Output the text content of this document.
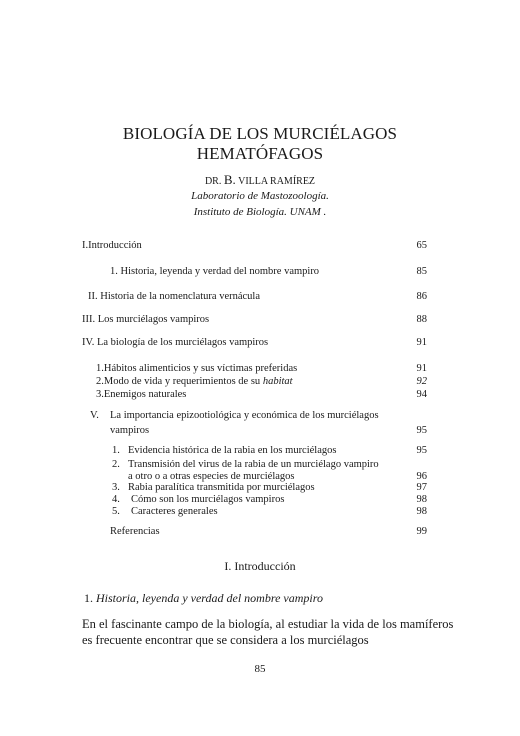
BIOLOGÍA DE LOS MURCIÉLAGOS
HEMATÓFAGOS
DR. B. VILLA RAMÍREZ
Laboratorio de Mastozoología.
Instituto de Biología. UNAM .
I.Introducción	65
1. Historia, leyenda y verdad del nombre vampiro	85
II. Historia de la nomenclatura vernácula	86
III. Los murciélagos vampiros	88
IV. La biología de los murciélagos vampiros	91
1.Hábitos alimenticios y sus víctimas preferidas	91
2.Modo de vida y requerimientos de su habitat	92
3.Enemigos naturales	94
V. La importancia epizootiológica y económica de los murciélagos
vampiros	95
1. Evidencia histórica de la rabia en los murciélagos	95
2. Transmisión del virus de la rabia de un murciélago vampiro
a otro o a otras especies de murciélagos	96
3. Rabia paralítica transmitida por murciélagos	97
4. Cómo son los murciélagos vampiros	98
5. Caracteres generales	98
Referencias	99
I. Introducción
1. Historia, leyenda y verdad del nombre vampiro
En el fascinante campo de la biología, al estudiar la vida de los mamíferos
es frecuente encontrar que se considera a los murciélagos
85
